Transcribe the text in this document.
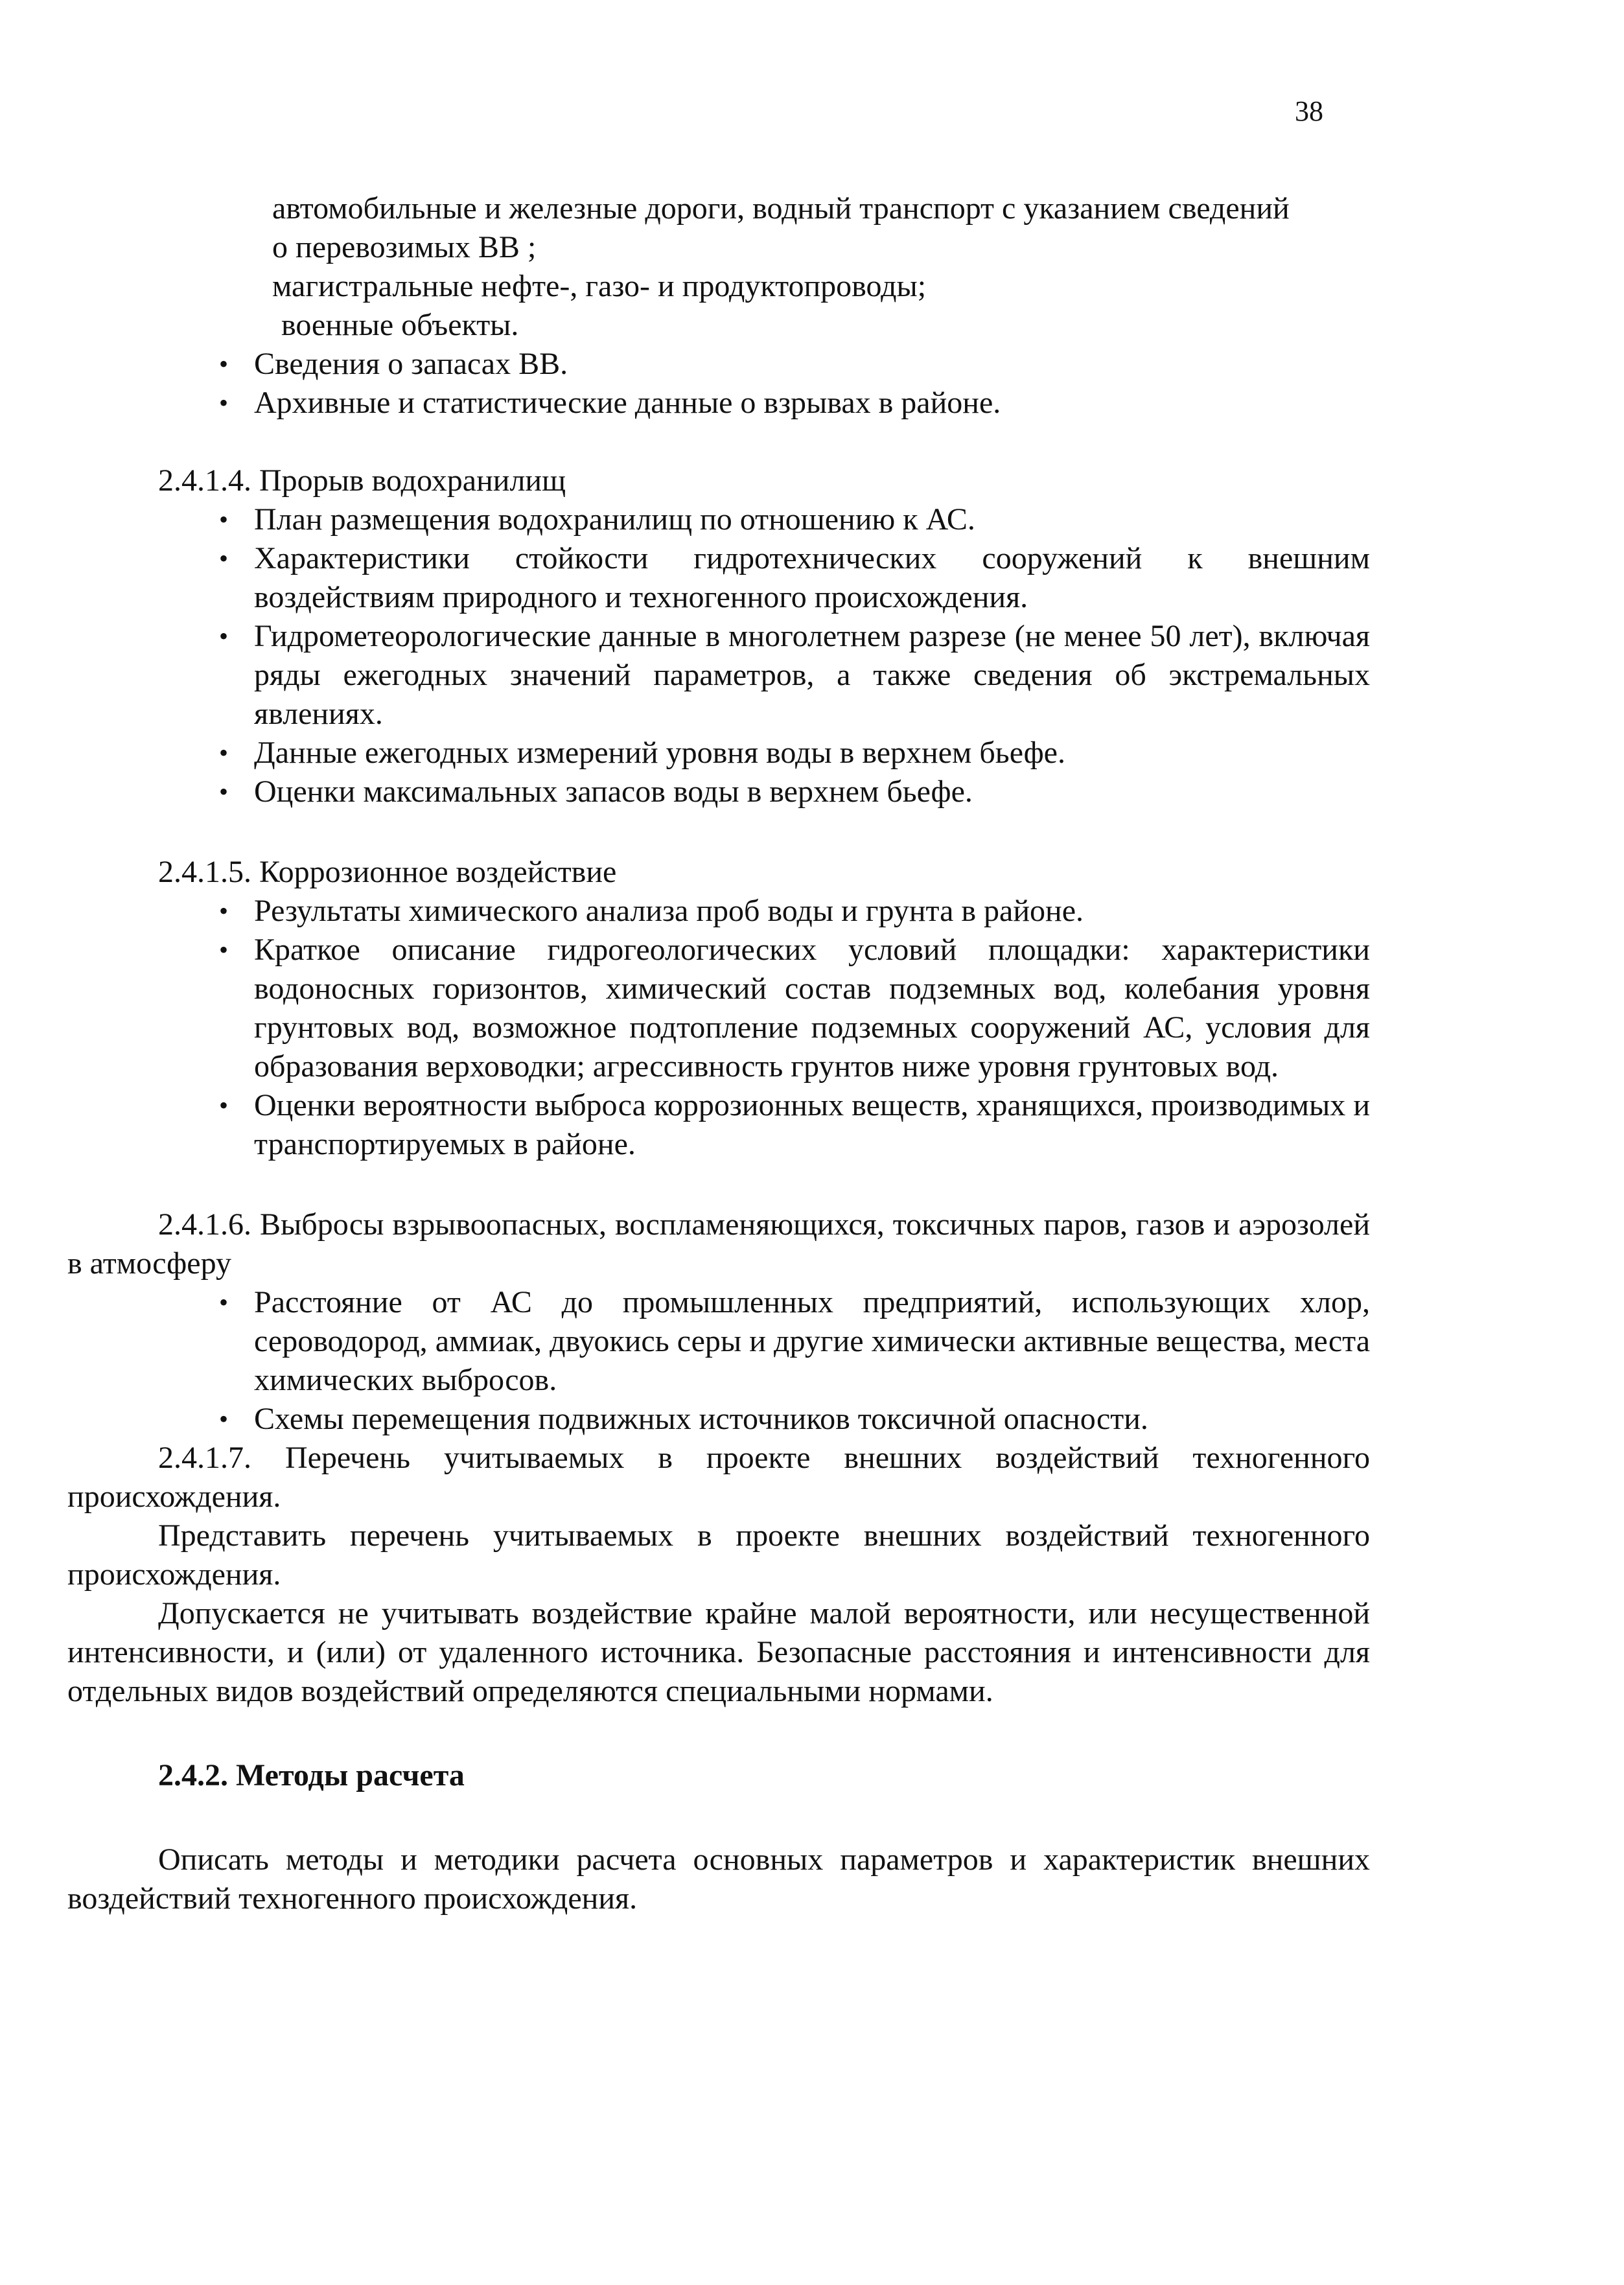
38
автомобильные и железные дороги, водный транспорт с указанием сведений
о перевозимых ВВ ;
магистральные нефте-, газо- и продуктопроводы;
военные объекты.
• Сведения о запасах ВВ.
• Архивные и статистические данные о взрывах в районе.
2.4.1.4. Прорыв водохранилищ
• План размещения водохранилищ по отношению к АС.
• Характеристики стойкости гидротехнических сооружений к внешним воздействиям природного и техногенного происхождения.
• Гидрометеорологические данные в многолетнем разрезе (не менее 50 лет), включая ряды ежегодных значений параметров, а также сведения об экстремальных явлениях.
• Данные ежегодных измерений уровня воды в верхнем бьефе.
• Оценки максимальных запасов воды в верхнем бьефе.
2.4.1.5. Коррозионное воздействие
• Результаты химического анализа проб воды и грунта в районе.
• Краткое описание гидрогеологических условий площадки: характеристики водоносных горизонтов, химический состав подземных вод, колебания уровня грунтовых вод, возможное подтопление подземных сооружений АС, условия для образования верховодки; агрессивность грунтов ниже уровня грунтовых вод.
• Оценки вероятности выброса коррозионных веществ, хранящихся, производимых и транспортируемых в районе.
2.4.1.6. Выбросы взрывоопасных, воспламеняющихся, токсичных паров, газов и аэрозолей в атмосферу
• Расстояние от АС до промышленных предприятий, использующих хлор, сероводород, аммиак, двуокись серы и другие химически активные вещества, места химических выбросов.
• Схемы перемещения подвижных источников токсичной опасности.
2.4.1.7. Перечень учитываемых в проекте внешних воздействий техногенного происхождения.
Представить перечень учитываемых в проекте внешних воздействий техногенного происхождения.
Допускается не учитывать воздействие крайне малой вероятности, или несущественной интенсивности, и (или) от удаленного источника. Безопасные расстояния и интенсивности для отдельных видов воздействий определяются специальными нормами.
2.4.2. Методы расчета
Описать методы и методики расчета основных параметров и характеристик внешних воздействий техногенного происхождения.
